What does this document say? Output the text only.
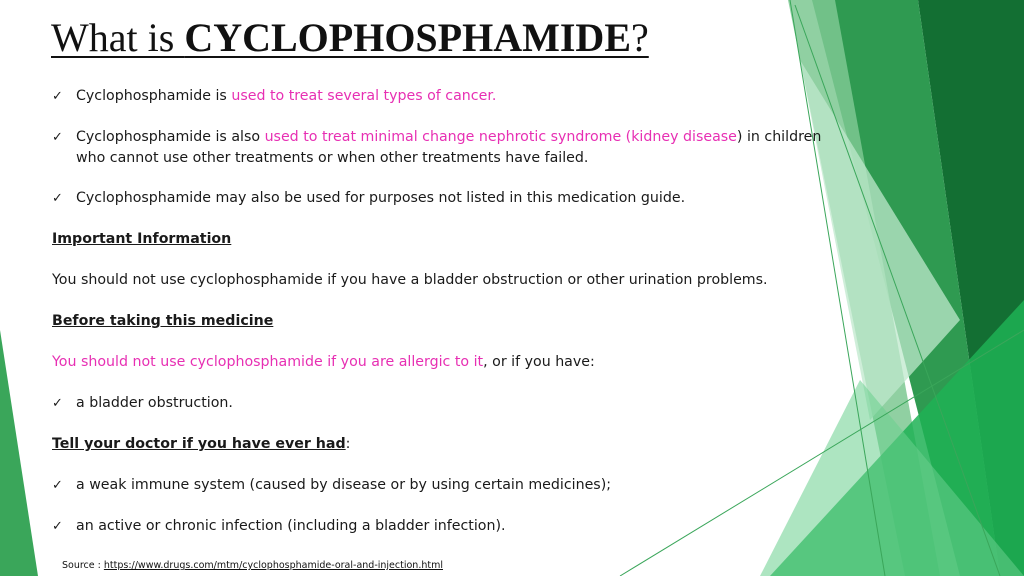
What is CYCLOPHOSPHAMIDE?
✓ Cyclophosphamide is used to treat several types of cancer.
✓ Cyclophosphamide is also used to treat minimal change nephrotic syndrome (kidney disease) in children who cannot use other treatments or when other treatments have failed.
✓ Cyclophosphamide may also be used for purposes not listed in this medication guide.
Important Information
You should not use cyclophosphamide if you have a bladder obstruction or other urination problems.
Before taking this medicine
You should not use cyclophosphamide if you are allergic to it, or if you have:
✓ a bladder obstruction.
Tell your doctor if you have ever had:
✓ a weak immune system (caused by disease or by using certain medicines);
✓ an active or chronic infection (including a bladder infection).
Source : https://www.drugs.com/mtm/cyclophosphamide-oral-and-injection.html
